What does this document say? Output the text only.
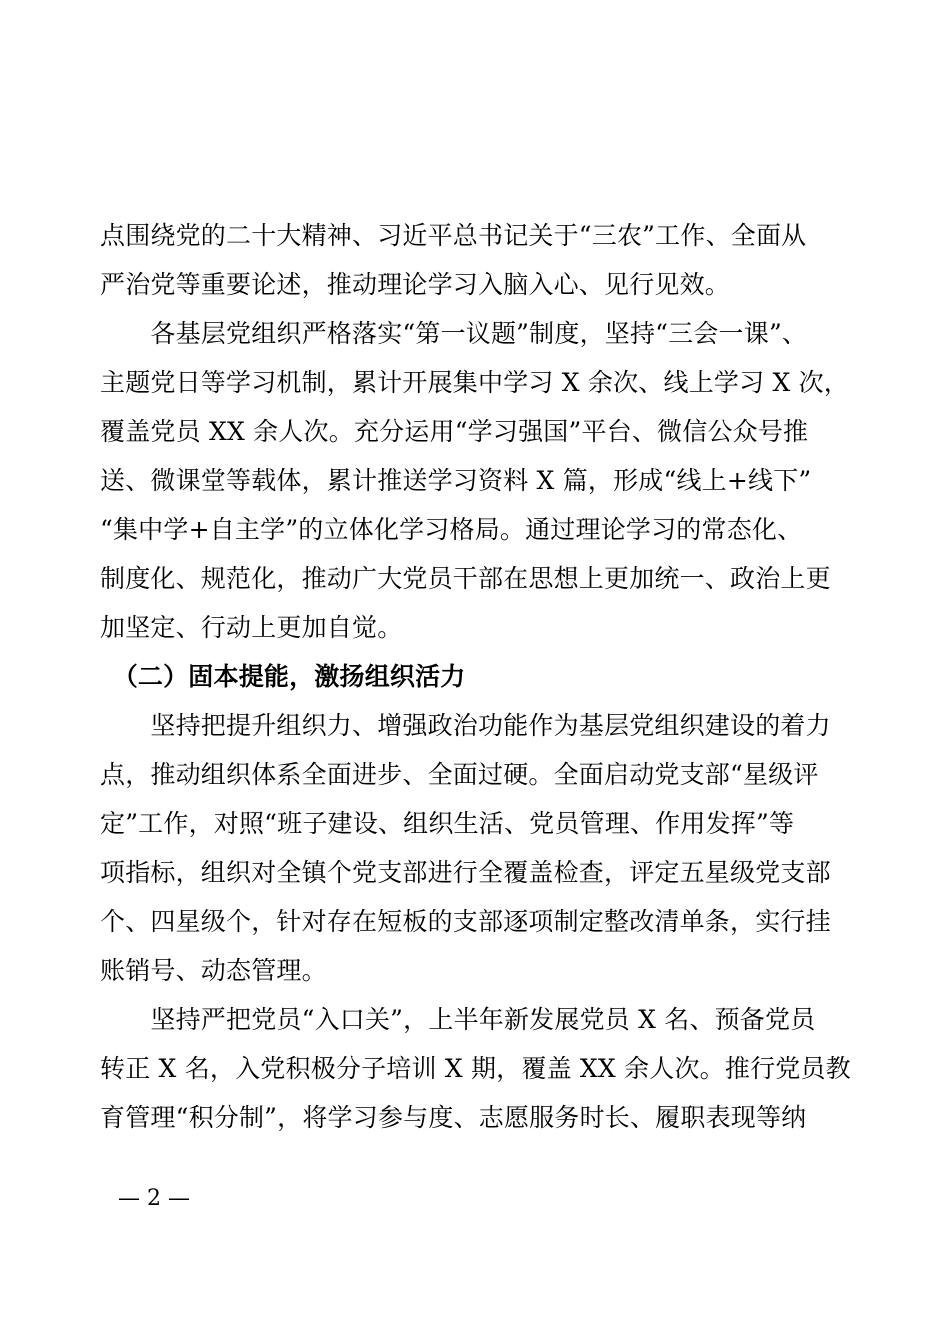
点围绕党的二十大精神、习近平总书记关于“三农”工作、全面从
严治党等重要论述，推动理论学习入脑入心、见行见效。
　　各基层党组织严格落实“第一议题”制度，坚持“三会一课”、
主题党日等学习机制，累计开展集中学习 X 余次、线上学习 X 次，
覆盖党员 XX 余人次。充分运用“学习强国”平台、微信公众号推
送、微课堂等载体，累计推送学习资料 X 篇，形成“线上+线下”
“集中学+自主学”的立体化学习格局。通过理论学习的常态化、
制度化、规范化，推动广大党员干部在思想上更加统一、政治上更
加坚定、行动上更加自觉。
　（二）固本提能，激扬组织活力
　　坚持把提升组织力、增强政治功能作为基层党组织建设的着力
点，推动组织体系全面进步、全面过硬。全面启动党支部“星级评
定”工作，对照“班子建设、组织生活、党员管理、作用发挥”等
项指标，组织对全镇个党支部进行全覆盖检查，评定五星级党支部
个、四星级个，针对存在短板的支部逐项制定整改清单条，实行挂
账销号、动态管理。
　　坚持严把党员“入口关”，上半年新发展党员 X 名、预备党员
转正 X 名，入党积极分子培训 X 期，覆盖 XX 余人次。推行党员教
育管理“积分制”，将学习参与度、志愿服务时长、履职表现等纳
— 2 —
